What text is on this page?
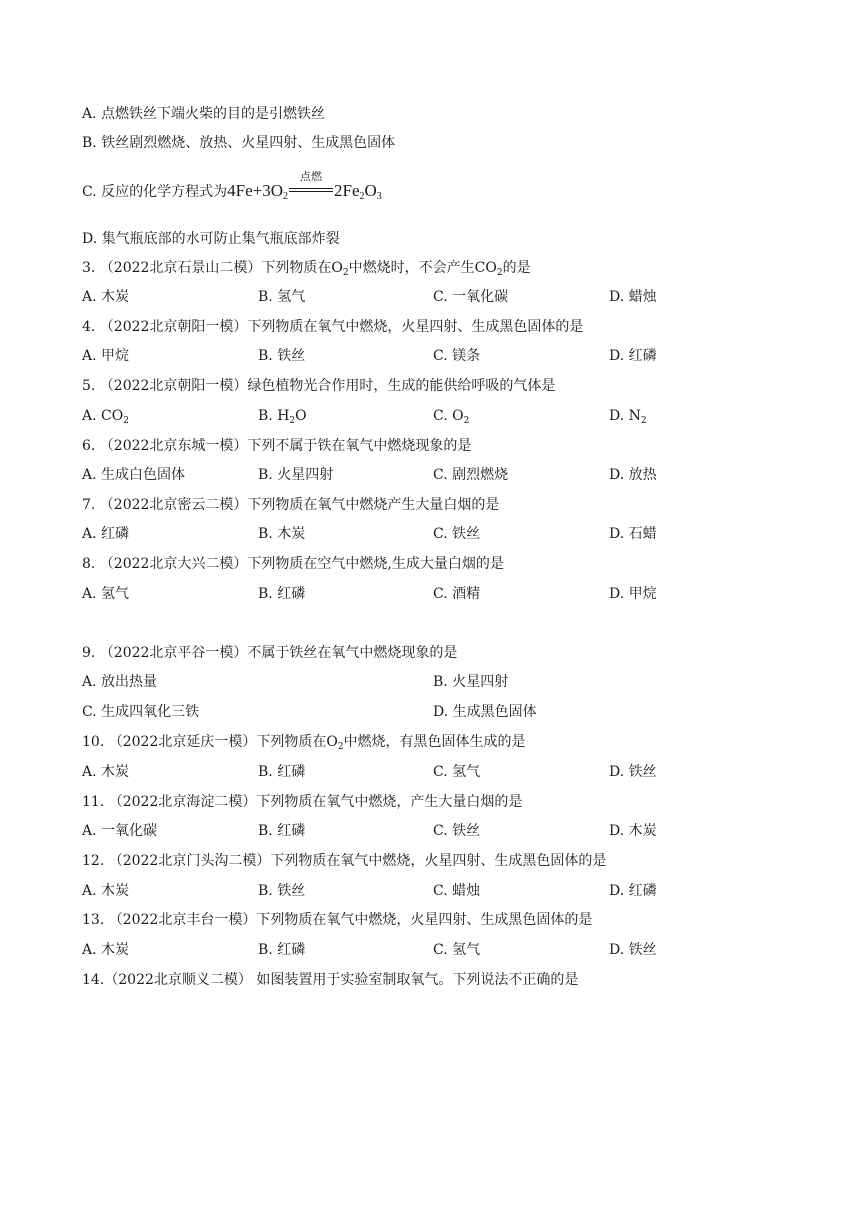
A. 点燃铁丝下端火柴的目的是引燃铁丝
B. 铁丝剧烈燃烧、放热、火星四射、生成黑色固体
C. 反应的化学方程式为$4Fe+3O_2$
点燃
$2Fe_2O_3$
D. 集气瓶底部的水可防止集气瓶底部炸裂
3. （2022北京石景山二模）下列物质在$O_2$中燃烧时，不会产生$CO_2$的是
A. 木炭	B. 氢气	C. 一氧化碳	D. 蜡烛
4. （2022北京朝阳一模）下列物质在氧气中燃烧，火星四射、生成黑色固体的是
A. 甲烷	B. 铁丝	C. 镁条	D. 红磷
5. （2022北京朝阳一模）绿色植物光合作用时，生成的能供给呼吸的气体是
A. $CO_2$	B. $H_2O$	C. $O_2$	D. $N_2$
6. （2022北京东城一模）下列不属于铁在氧气中燃烧现象的是
A. 生成白色固体	B. 火星四射	C. 剧烈燃烧	D. 放热
7. （2022北京密云二模）下列物质在氧气中燃烧产生大量白烟的是
A. 红磷	B. 木炭	C. 铁丝	D. 石蜡
8. （2022北京大兴二模）下列物质在空气中燃烧,生成大量白烟的是
A. 氢气	B. 红磷	C. 酒精	D. 甲烷
9. （2022北京平谷一模）不属于铁丝在氧气中燃烧现象的是
A. 放出热量	B. 火星四射
C. 生成四氧化三铁	D. 生成黑色固体
10. （2022北京延庆一模）下列物质在$O_2$中燃烧，有黑色固体生成的是
A. 木炭	B. 红磷	C. 氢气	D. 铁丝
11. （2022北京海淀二模）下列物质在氧气中燃烧，产生大量白烟的是
A. 一氧化碳	B. 红磷	C. 铁丝	D. 木炭
12. （2022北京门头沟二模）下列物质在氧气中燃烧，火星四射、生成黑色固体的是
A. 木炭	B. 铁丝	C. 蜡烛	D. 红磷
13. （2022北京丰台一模）下列物质在氧气中燃烧，火星四射、生成黑色固体的是
A. 木炭	B. 红磷	C. 氢气	D. 铁丝
14.（2022北京顺义二模） 如图装置用于实验室制取氧气。下列说法不正确的是
